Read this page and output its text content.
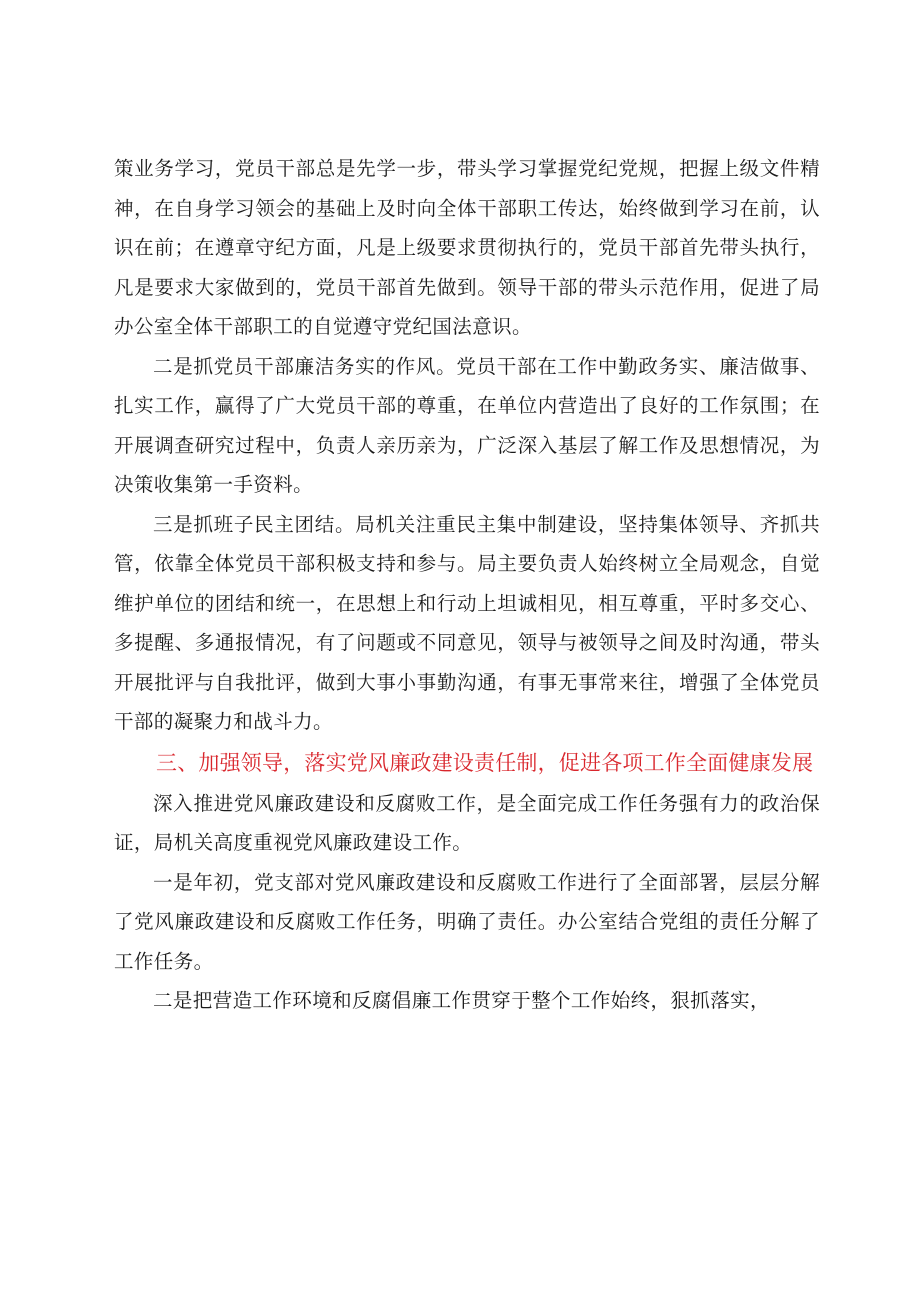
策业务学习，党员干部总是先学一步，带头学习掌握党纪党规，把握上级文件精神，在自身学习领会的基础上及时向全体干部职工传达，始终做到学习在前，认识在前；在遵章守纪方面，凡是上级要求贯彻执行的，党员干部首先带头执行，凡是要求大家做到的，党员干部首先做到。领导干部的带头示范作用，促进了局办公室全体干部职工的自觉遵守党纪国法意识。

二是抓党员干部廉洁务实的作风。党员干部在工作中勤政务实、廉洁做事、扎实工作，赢得了广大党员干部的尊重，在单位内营造出了良好的工作氛围；在开展调查研究过程中，负责人亲历亲为，广泛深入基层了解工作及思想情况，为决策收集第一手资料。

三是抓班子民主团结。局机关注重民主集中制建设，坚持集体领导、齐抓共管，依靠全体党员干部积极支持和参与。局主要负责人始终树立全局观念，自觉维护单位的团结和统一，在思想上和行动上坦诚相见，相互尊重，平时多交心、多提醒、多通报情况，有了问题或不同意见，领导与被领导之间及时沟通，带头开展批评与自我批评，做到大事小事勤沟通，有事无事常来往，增强了全体党员干部的凝聚力和战斗力。

三、加强领导，落实党风廉政建设责任制，促进各项工作全面健康发展

深入推进党风廉政建设和反腐败工作，是全面完成工作任务强有力的政治保证，局机关高度重视党风廉政建设工作。

一是年初，党支部对党风廉政建设和反腐败工作进行了全面部署，层层分解了党风廉政建设和反腐败工作任务，明确了责任。办公室结合党组的责任分解了工作任务。

二是把营造工作环境和反腐倡廉工作贯穿于整个工作始终，狠抓落实，
